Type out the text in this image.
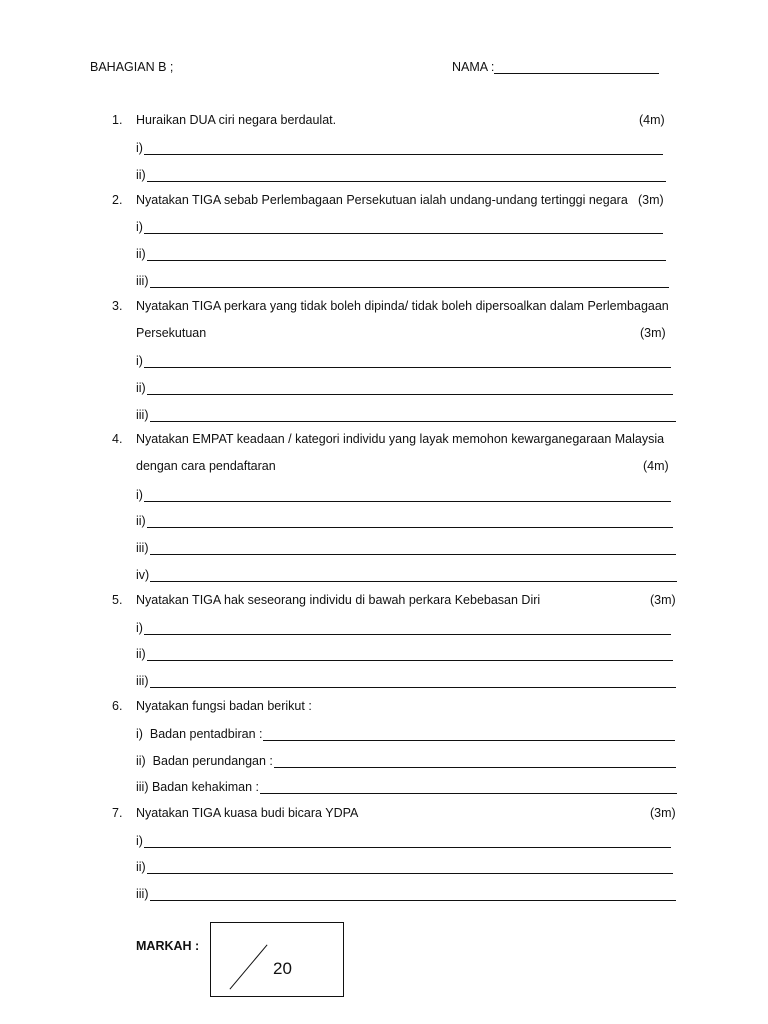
BAHAGIAN B ;	NAMA :
1. Huraikan DUA ciri negara berdaulat.	(4m)
i)
ii)
2. Nyatakan TIGA sebab Perlembagaan Persekutuan ialah undang-undang tertinggi negara (3m)
i)
ii)
iii)
3. Nyatakan TIGA perkara yang tidak boleh dipinda/ tidak boleh dipersoalkan dalam Perlembagaan
Persekutuan	(3m)
i)
ii)
iii)
4. Nyatakan EMPAT keadaan / kategori individu yang layak memohon kewarganegaraan Malaysia
dengan cara pendaftaran	(4m)
i)
ii)
iii)
iv)
5. Nyatakan TIGA hak seseorang individu di bawah perkara Kebebasan Diri	(3m)
i)
ii)
iii)
6. Nyatakan fungsi badan berikut :
i)  Badan pentadbiran :
ii)  Badan perundangan :
iii) Badan kehakiman :
7. Nyatakan TIGA kuasa budi bicara YDPA	(3m)
i)
ii)
iii)
MARKAH :
20
